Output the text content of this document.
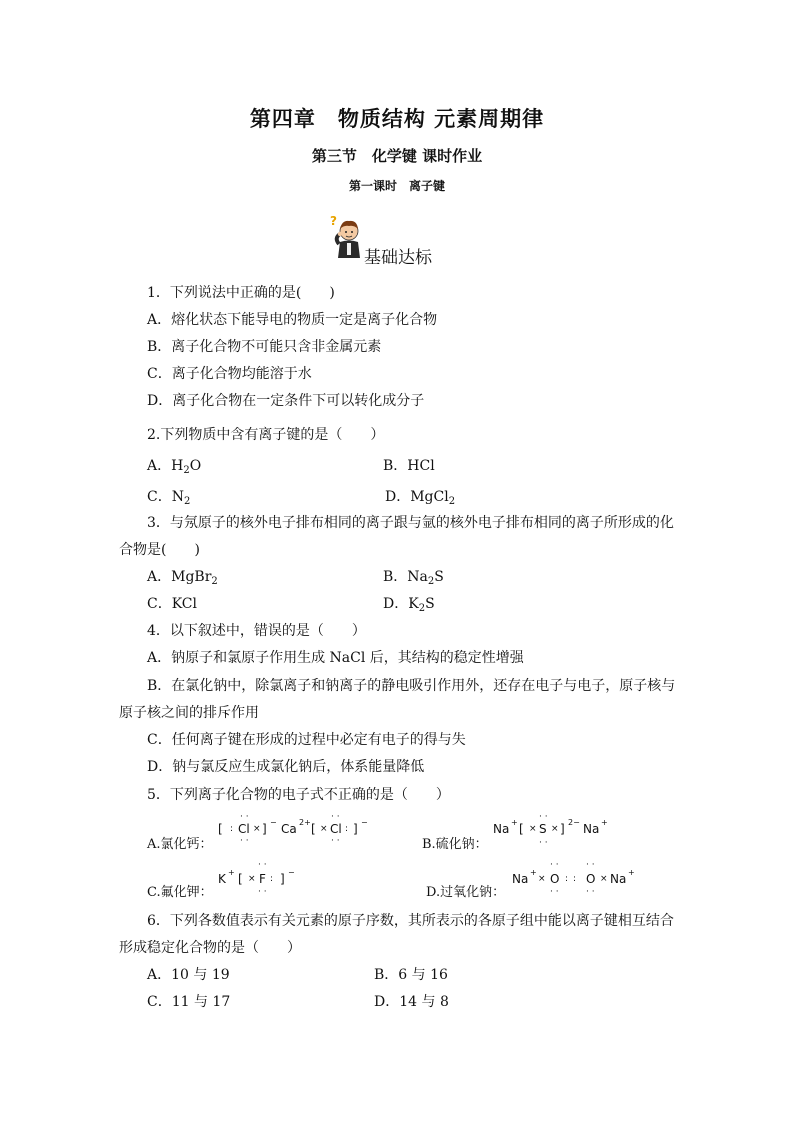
第四章　物质结构 元素周期律
第三节　化学键 课时作业
第一课时　离子键
?
基础达标
1．下列说法中正确的是(　　)
A．熔化状态下能导电的物质一定是离子化合物
B．离子化合物不可能只含非金属元素
C．离子化合物均能溶于水
D．离子化合物在一定条件下可以转化成分子
2.下列物质中含有离子键的是（　　）
A．$H_2O$	B．HCl
C．$N_2$	D．MgCl$_2$
3．与氖原子的核外电子排布相同的离子跟与氩的核外电子排布相同的离子所形成的化
合物是(　　)
A．MgBr$_2$	B．$Na_2S$
C．KCl	D．$K_2S$
4．以下叙述中，错误的是（　　）
A．钠原子和氯原子作用生成 NaCl 后，其结构的稳定性增强
B．在氯化钠中，除氯离子和钠离子的静电吸引作用外，还存在电子与电子，原子核与
原子核之间的排斥作用
C．任何离子键在形成的过程中必定有电子的得与失
D．钠与氯反应生成氯化钠后，体系能量降低
5．下列离子化合物的电子式不正确的是（　　）
A.氯化钙：
· ·	· ·
[ : Cl × ] − Ca 2+ [ × Cl : ] −
· ·	· ·	B.硫化钠：
· ·
Na + [ × S × ] 2− Na +
· ·
C.氟化钾：
· ·
K + [ × F : ] −
· ·	D.过氧化钠：
· ·	· ·
Na +
× O : : O × Na +
· ·	· ·
6．下列各数值表示有关元素的原子序数，其所表示的各原子组中能以离子键相互结合
形成稳定化合物的是（　　）
A．10 与 19	B．6 与 16
C．11 与 17	D．14 与 8
